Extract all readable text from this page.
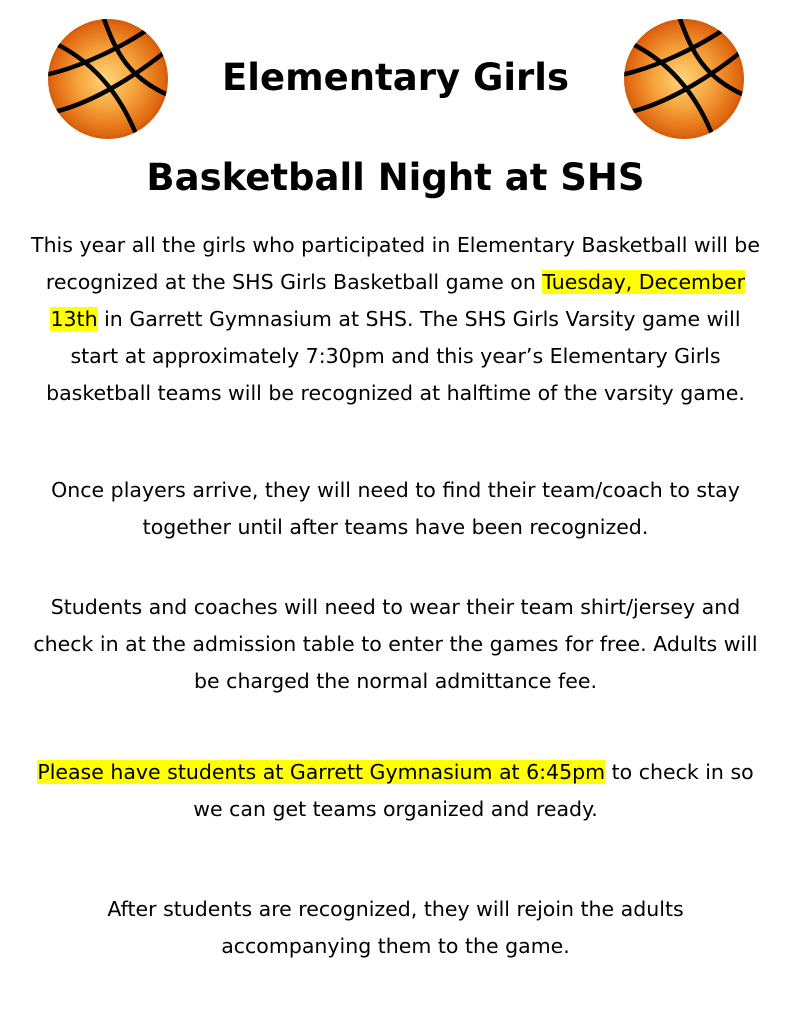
Elementary Girls
Basketball Night at SHS

This year all the girls who participated in Elementary Basketball will be recognized at the SHS Girls Basketball game on Tuesday, December 13th in Garrett Gymnasium at SHS. The SHS Girls Varsity game will start at approximately 7:30pm and this year’s Elementary Girls basketball teams will be recognized at halftime of the varsity game.

Once players arrive, they will need to find their team/coach to stay together until after teams have been recognized.

Students and coaches will need to wear their team shirt/jersey and check in at the admission table to enter the games for free. Adults will be charged the normal admittance fee.

Please have students at Garrett Gymnasium at 6:45pm to check in so we can get teams organized and ready.

After students are recognized, they will rejoin the adults accompanying them to the game.
